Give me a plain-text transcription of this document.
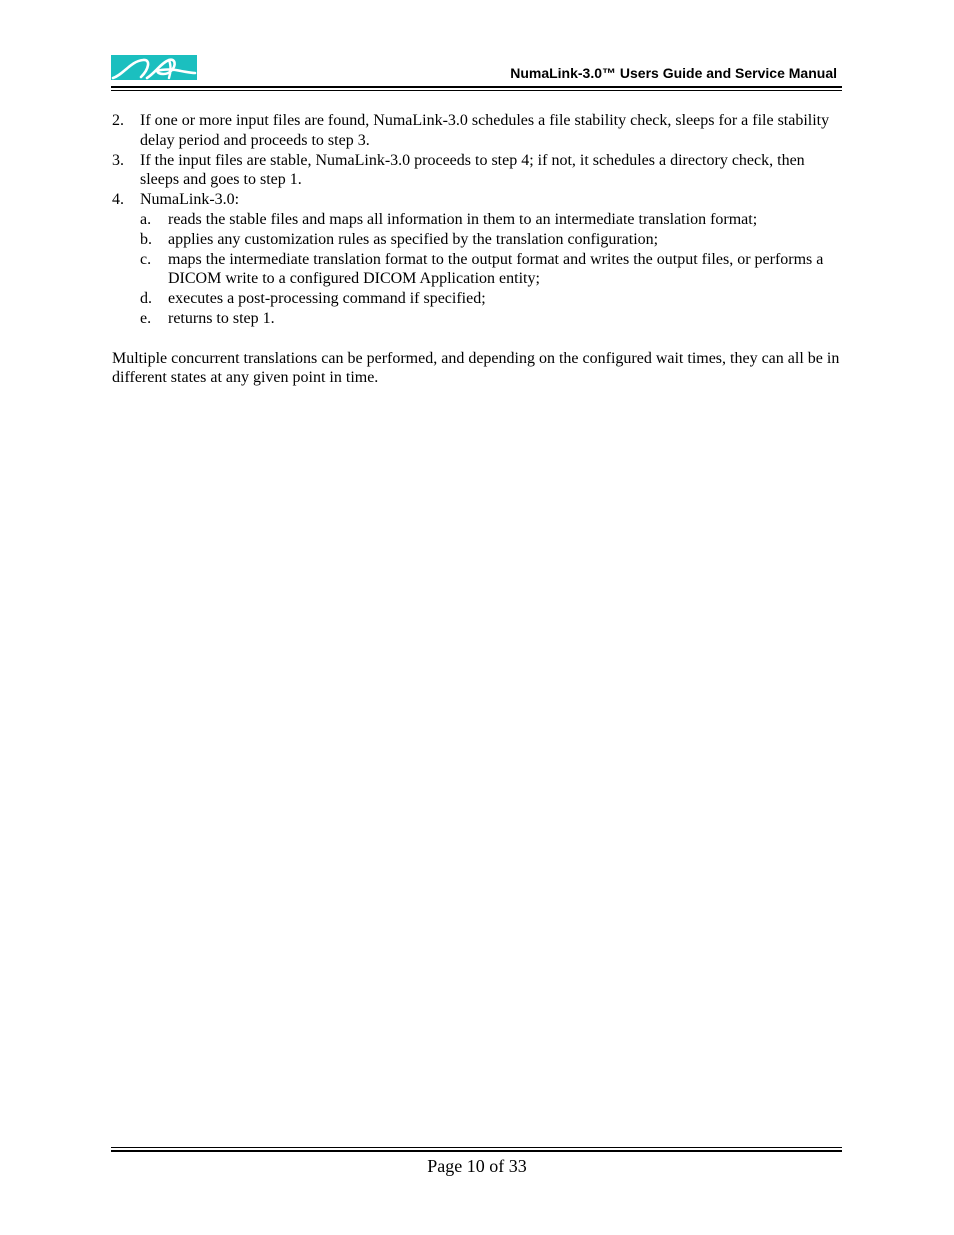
NumaLink-3.0™ Users Guide and Service Manual
2. If one or more input files are found, NumaLink-3.0 schedules a file stability check, sleeps for a file stability delay period and proceeds to step 3.
3. If the input files are stable, NumaLink-3.0 proceeds to step 4; if not, it schedules a directory check, then sleeps and goes to step 1.
4. NumaLink-3.0:
a. reads the stable files and maps all information in them to an intermediate translation format;
b. applies any customization rules as specified by the translation configuration;
c. maps the intermediate translation format to the output format and writes the output files, or performs a DICOM write to a configured DICOM Application entity;
d. executes a post-processing command if specified;
e. returns to step 1.
Multiple concurrent translations can be performed, and depending on the configured wait times, they can all be in different states at any given point in time.
Page 10 of 33
